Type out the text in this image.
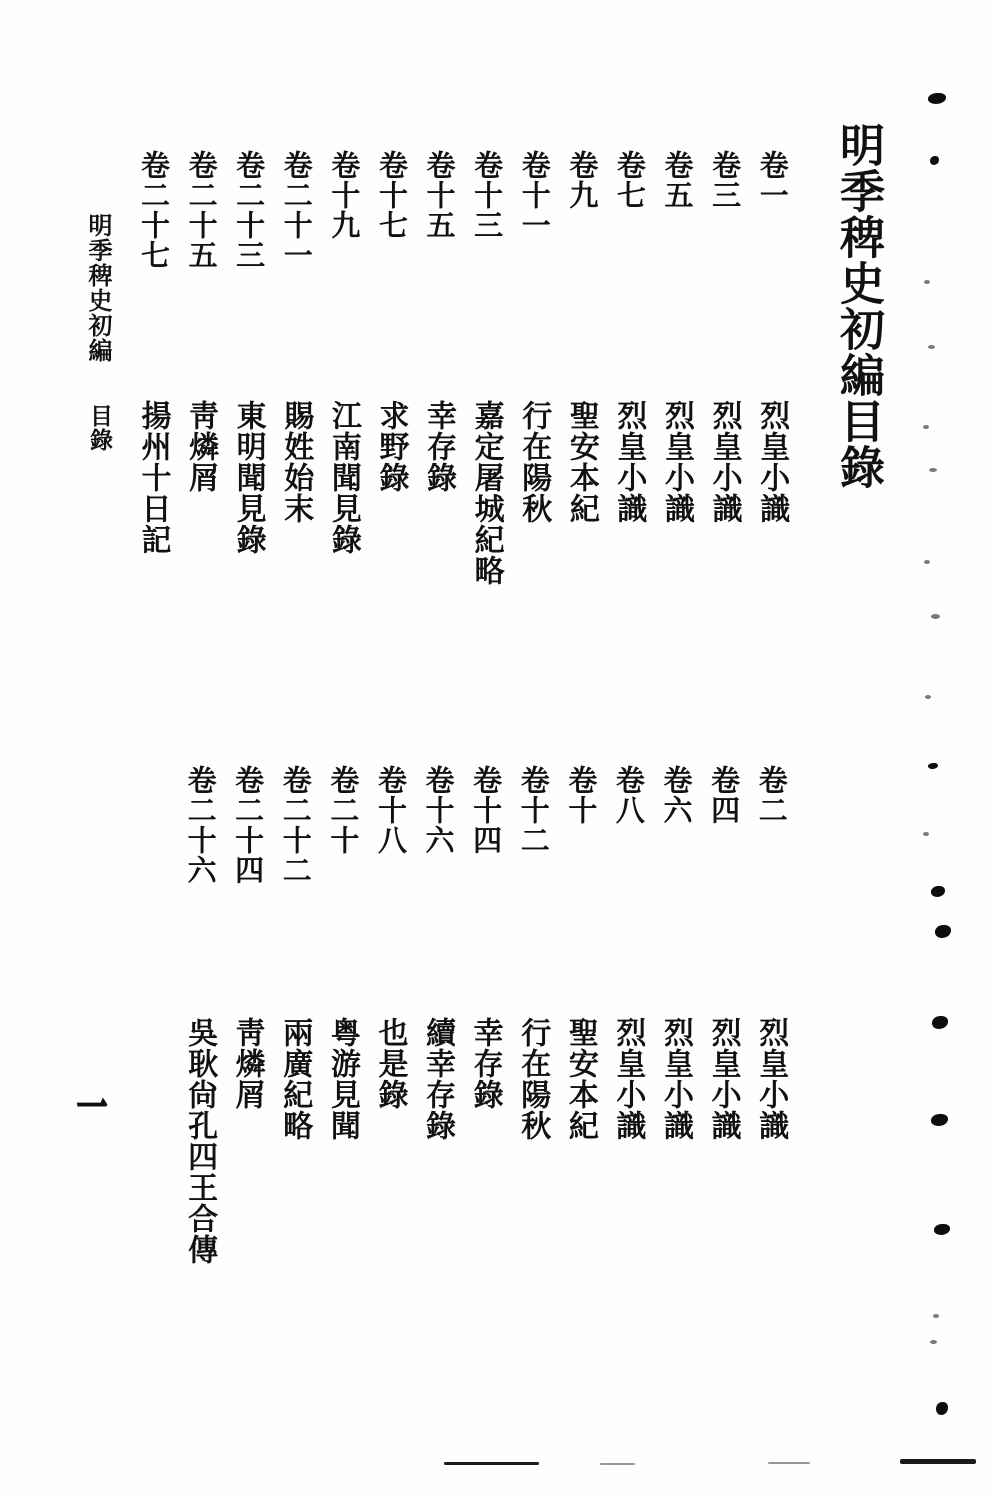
明季稗史初編目錄
卷一
烈皇小識
卷三
烈皇小識
卷五
烈皇小識
卷七
烈皇小識
卷九
聖安本紀
卷十一
行在陽秋
卷十三
嘉定屠城紀略
卷十五
幸存錄
卷十七
求野錄
卷十九
江南聞見錄
卷二十一
賜姓始末
卷二十三
東明聞見錄
卷二十五
靑燐屑
卷二十七
揚州十日記
卷二
烈皇小識
卷四
烈皇小識
卷六
烈皇小識
卷八
烈皇小識
卷十
聖安本紀
卷十二
行在陽秋
卷十四
幸存錄
卷十六
續幸存錄
卷十八
也是錄
卷二十
粤游見聞
卷二十二
兩廣紀略
卷二十四
靑燐屑
卷二十六
吳耿尙孔四王合傳
明季稗史初編
目錄
一
